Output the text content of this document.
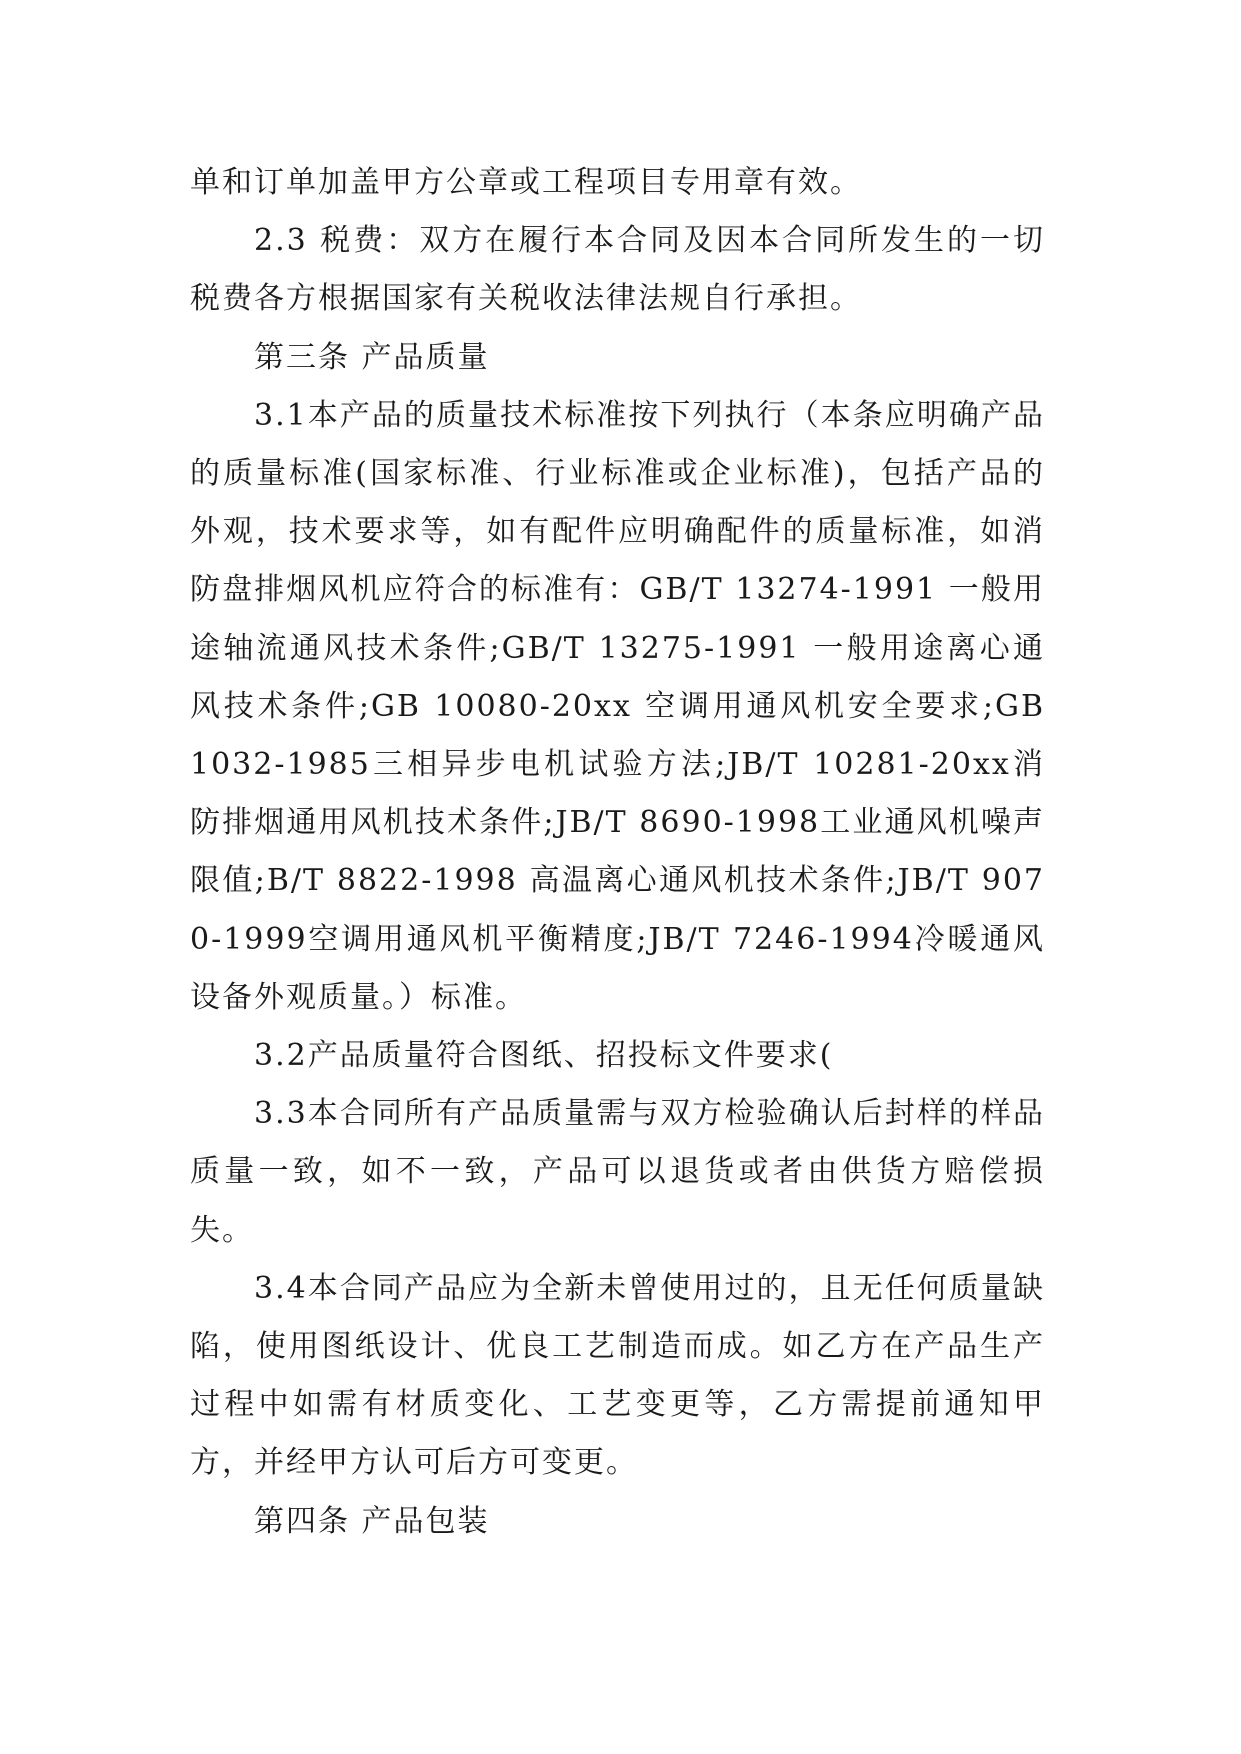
单和订单加盖甲方公章或工程项目专用章有效。

2.3 税费：双方在履行本合同及因本合同所发生的一切税费各方根据国家有关税收法律法规自行承担。

第三条 产品质量

3.1本产品的质量技术标准按下列执行（本条应明确产品的质量标准(国家标准、行业标准或企业标准)，包括产品的外观，技术要求等，如有配件应明确配件的质量标准，如消防盘排烟风机应符合的标准有：GB/T 13274-1991 一般用途轴流通风技术条件;GB/T 13275-1991 一般用途离心通风技术条件;GB 10080-20xx 空调用通风机安全要求;GB 1032-1985三相异步电机试验方法;JB/T 10281-20xx消防排烟通用风机技术条件;JB/T 8690-1998工业通风机噪声限值;B/T 8822-1998 高温离心通风机技术条件;JB/T 9070-1999空调用通风机平衡精度;JB/T 7246-1994冷暖通风设备外观质量。）标准。

3.2产品质量符合图纸、招投标文件要求(

3.3本合同所有产品质量需与双方检验确认后封样的样品质量一致，如不一致，产品可以退货或者由供货方赔偿损失。

3.4本合同产品应为全新未曾使用过的，且无任何质量缺陷，使用图纸设计、优良工艺制造而成。如乙方在产品生产过程中如需有材质变化、工艺变更等，乙方需提前通知甲方，并经甲方认可后方可变更。

第四条 产品包装
